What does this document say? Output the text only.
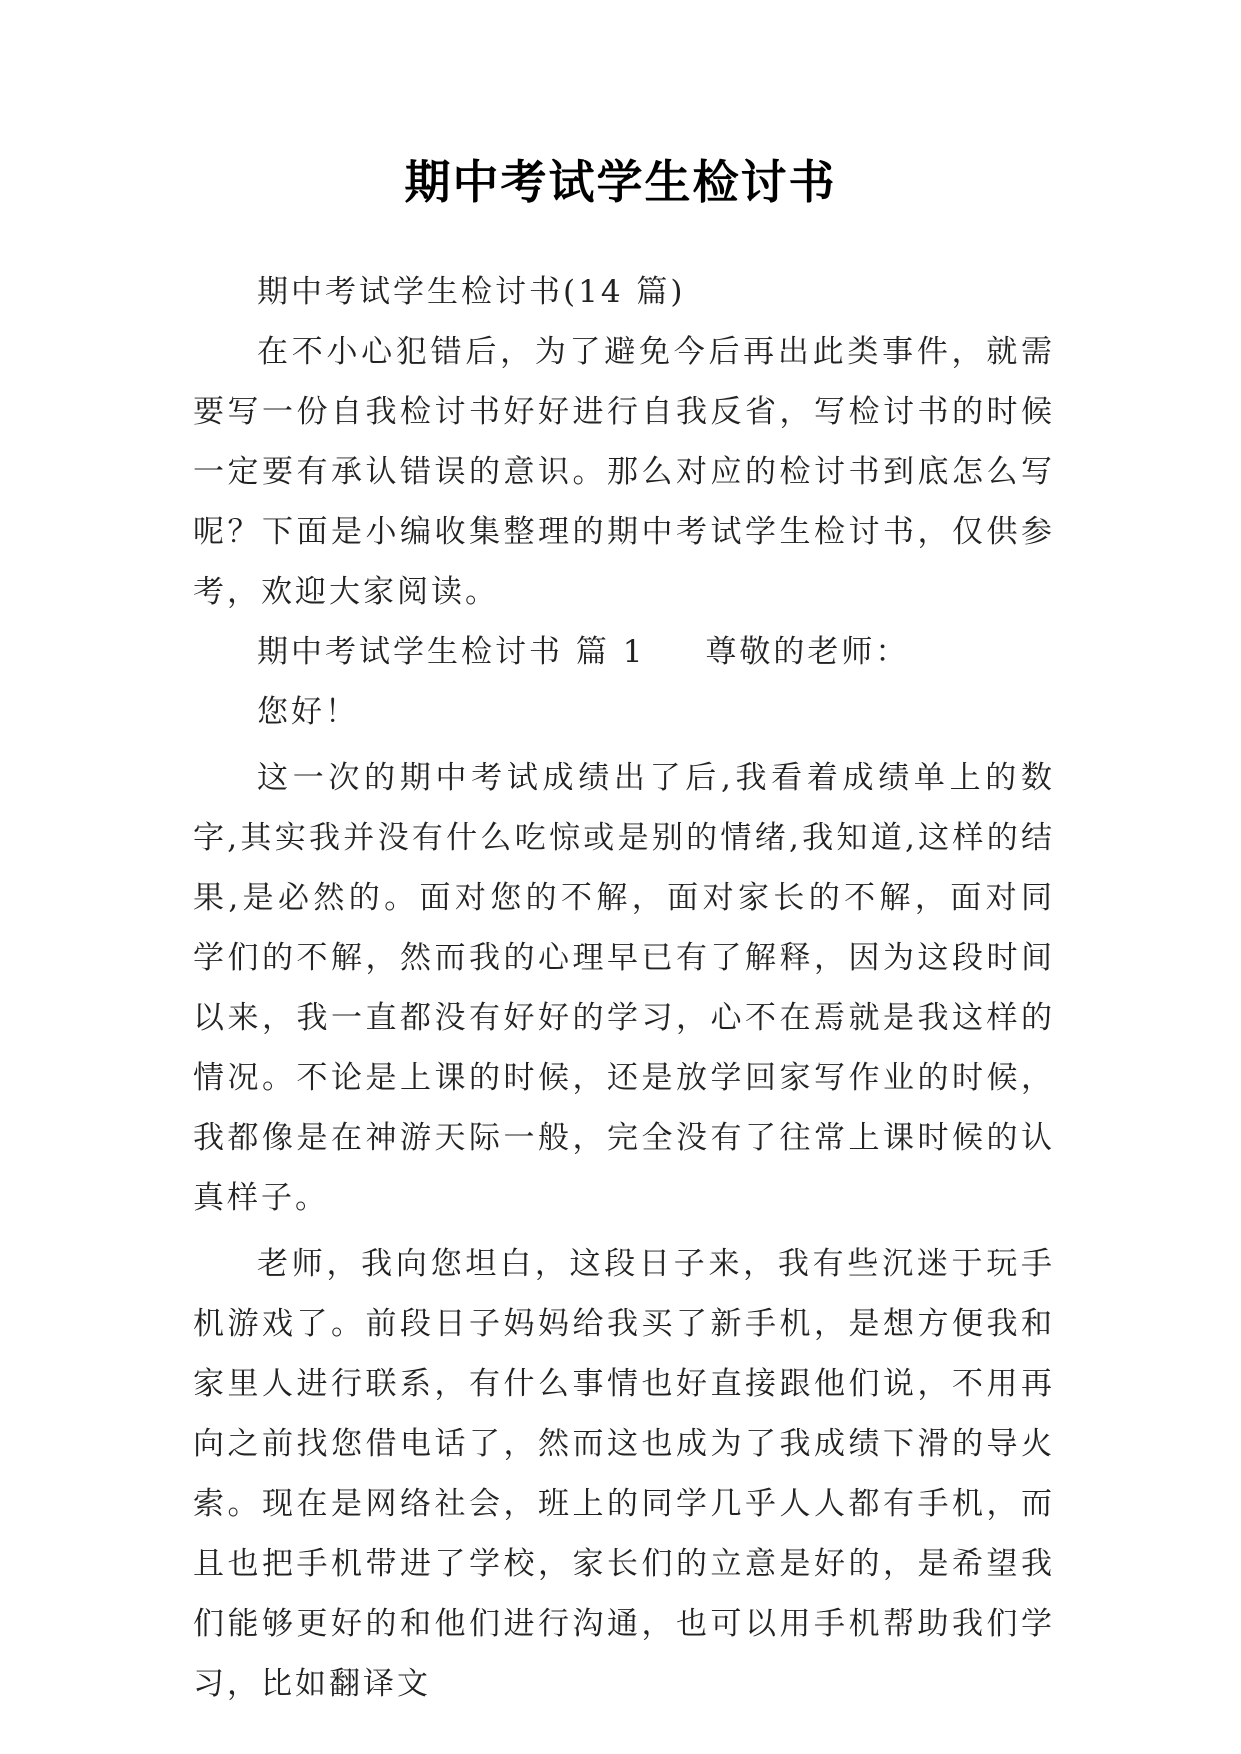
期中考试学生检讨书

期中考试学生检讨书(14 篇)

在不小心犯错后，为了避免今后再出此类事件，就需要写一份自我检讨书好好进行自我反省，写检讨书的时候一定要有承认错误的意识。那么对应的检讨书到底怎么写呢？下面是小编收集整理的期中考试学生检讨书，仅供参考，欢迎大家阅读。

期中考试学生检讨书 篇 1 尊敬的老师：

您好！

这一次的期中考试成绩出了后,我看着成绩单上的数字,其实我并没有什么吃惊或是别的情绪,我知道,这样的结果,是必然的。面对您的不解，面对家长的不解，面对同学们的不解，然而我的心理早已有了解释，因为这段时间以来，我一直都没有好好的学习，心不在焉就是我这样的情况。不论是上课的时候，还是放学回家写作业的时候，我都像是在神游天际一般，完全没有了往常上课时候的认真样子。

老师，我向您坦白，这段日子来，我有些沉迷于玩手机游戏了。前段日子妈妈给我买了新手机，是想方便我和家里人进行联系，有什么事情也好直接跟他们说，不用再向之前找您借电话了，然而这也成为了我成绩下滑的导火索。现在是网络社会，班上的同学几乎人人都有手机，而且也把手机带进了学校，家长们的立意是好的，是希望我们能够更好的和他们进行沟通，也可以用手机帮助我们学习，比如翻译文
